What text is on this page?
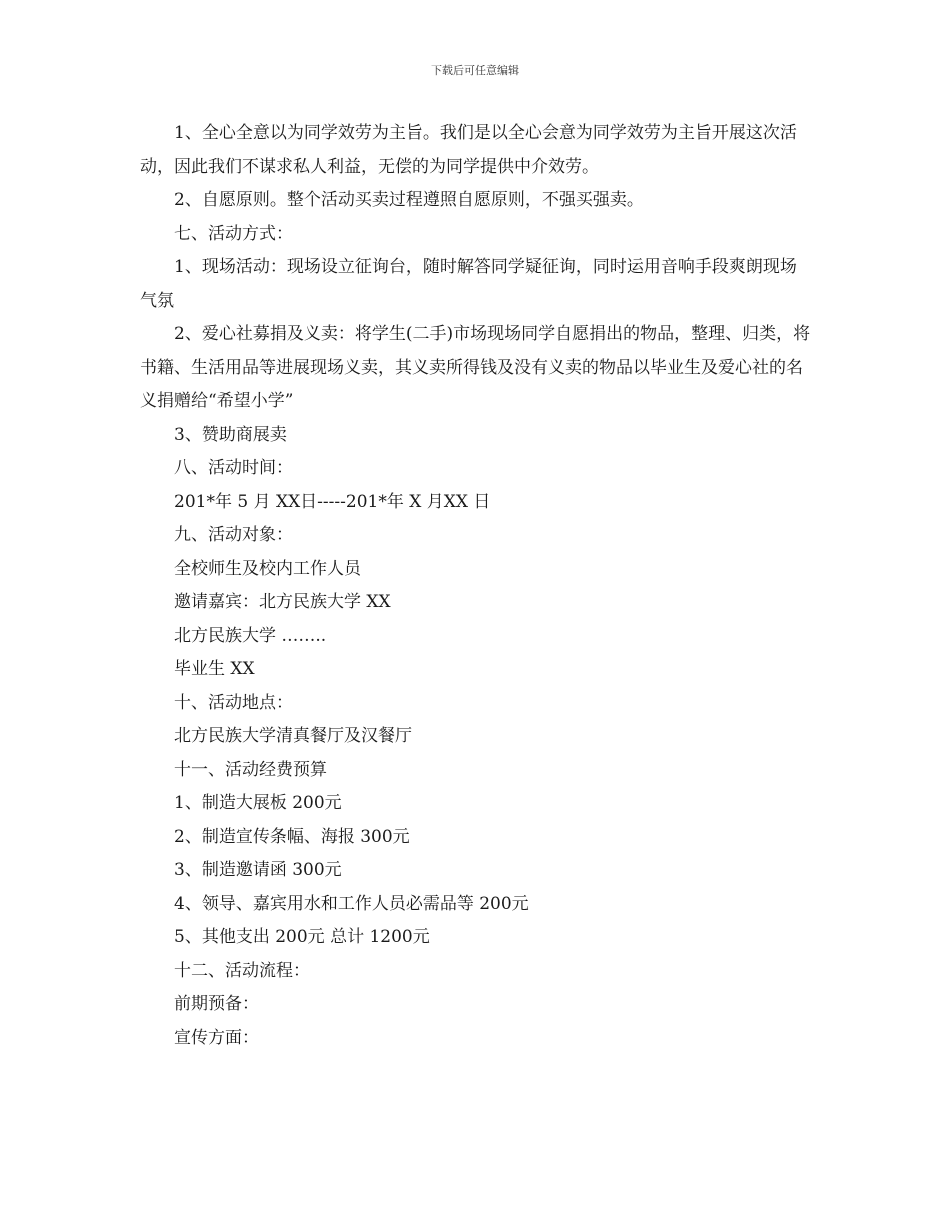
下载后可任意编辑

1、全心全意以为同学效劳为主旨。我们是以全心会意为同学效劳为主旨开展这次活动，因此我们不谋求私人利益，无偿的为同学提供中介效劳。

2、自愿原则。整个活动买卖过程遵照自愿原则，不强买强卖。

七、活动方式：

1、现场活动：现场设立征询台，随时解答同学疑征询，同时运用音响手段爽朗现场气氛

2、爱心社募捐及义卖：将学生(二手)市场现场同学自愿捐出的物品，整理、归类，将书籍、生活用品等进展现场义卖，其义卖所得钱及没有义卖的物品以毕业生及爱心社的名义捐赠给“希望小学”

3、赞助商展卖

八、活动时间：

201*年 5 月 XX日-----201*年 X 月XX 日

九、活动对象：

全校师生及校内工作人员

邀请嘉宾：北方民族大学 XX

北方民族大学 ……..

毕业生 XX

十、活动地点：

北方民族大学清真餐厅及汉餐厅

十一、活动经费预算

1、制造大展板 200元

2、制造宣传条幅、海报 300元

3、制造邀请函 300元

4、领导、嘉宾用水和工作人员必需品等 200元

5、其他支出 200元 总计 1200元

十二、活动流程：

前期预备：

宣传方面：
